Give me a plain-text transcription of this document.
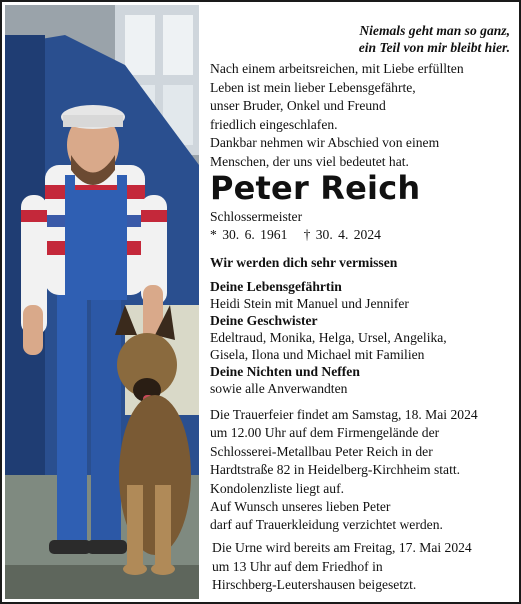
Niemals geht man so ganz,
ein Teil von mir bleibt hier.
Nach einem arbeitsreichen, mit Liebe erfüllten
Leben ist mein lieber Lebensgefährte,
unser Bruder, Onkel und Freund
friedlich eingeschlafen.
Dankbar nehmen wir Abschied von einem
Menschen, der uns viel bedeutet hat.
Peter Reich
Schlossermeister
* 30. 6. 1961   † 30. 4. 2024
Wir werden dich sehr vermissen
Deine Lebensgefährtin
Heidi Stein mit Manuel und Jennifer
Deine Geschwister
Edeltraud, Monika, Helga, Ursel, Angelika,
Gisela, Ilona und Michael mit Familien
Deine Nichten und Neffen
sowie alle Anverwandten
Die Trauerfeier findet am Samstag, 18. Mai 2024
um 12.00 Uhr auf dem Firmengelände der
Schlosserei-Metallbau Peter Reich in der
Hardtstraße 82 in Heidelberg-Kirchheim statt.
Kondolenzliste liegt auf.
Auf Wunsch unseres lieben Peter
darf auf Trauerkleidung verzichtet werden.
Die Urne wird bereits am Freitag, 17. Mai 2024
um 13 Uhr auf dem Friedhof in
Hirschberg-Leutershausen beigesetzt.
